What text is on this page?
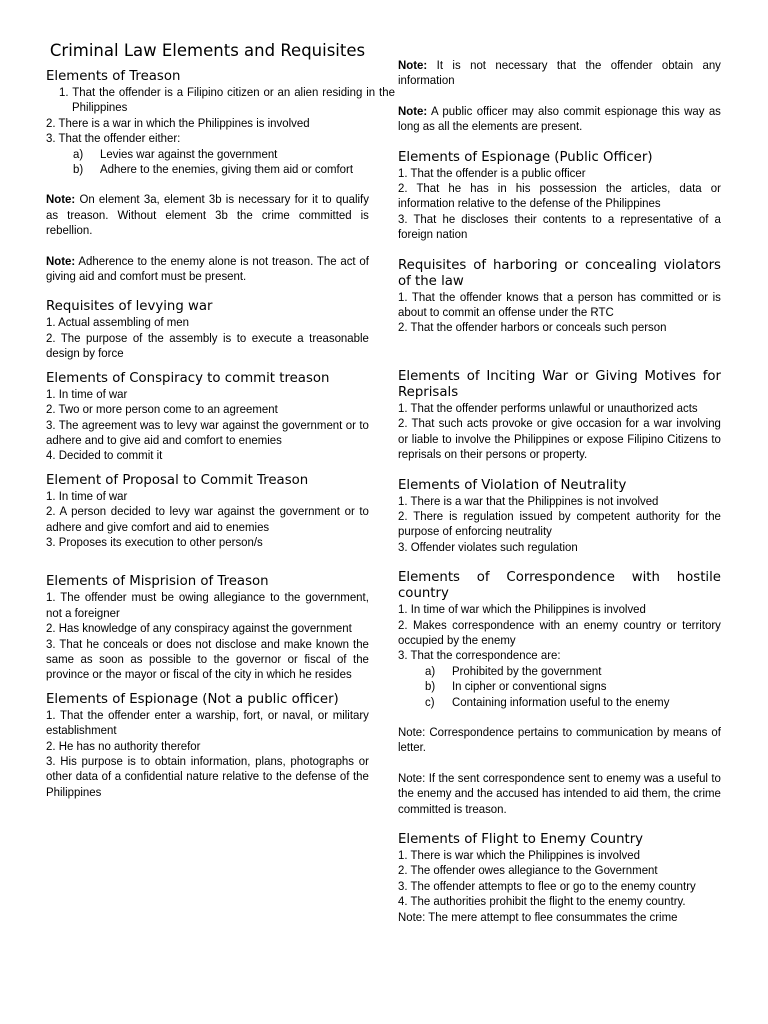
Criminal Law Elements and Requisites
Elements of Treason

1. That the offender is a Filipino citizen or an alien residing in the Philippines

2. There is a war in which the Philippines is involved

3. That the offender either:

a)	Levies war against the government

b)	Adhere to the enemies, giving them aid or comfort

Note: On element 3a, element 3b is necessary for it to qualify as treason. Without element 3b the crime committed is rebellion.

Note: Adherence to the enemy alone is not treason. The act of giving aid and comfort must be present.

Requisites of levying war

1. Actual assembling of men

2. The purpose of the assembly is to execute a treasonable design by force

Elements of Conspiracy to commit treason

1. In time of war

2. Two or more person come to an agreement

3. The agreement was to levy war against the government or to adhere and to give aid and comfort to enemies

4. Decided to commit it

Element of Proposal to Commit Treason

1. In time of war

2. A person decided to levy war against the government or to adhere and give comfort and aid to enemies

3. Proposes its execution to other person/s

Elements of Misprision of Treason

1. The offender must be owing allegiance to the government, not a foreigner

2. Has knowledge of any conspiracy against the government

3. That he conceals or does not disclose and make known the same as soon as possible to the governor or fiscal of the province or the mayor or fiscal of the city in which he resides

Elements of Espionage (Not a public officer)

1. That the offender enter a warship, fort, or naval, or military establishment

2. He has no authority therefor

3. His purpose is to obtain information, plans, photographs or other data of a confidential nature relative to the defense of the Philippines

Note: It is not necessary that the offender obtain any information

Note: A public officer may also commit espionage this way as long as all the elements are present.

Elements of Espionage (Public Officer)

1. That the offender is a public officer

2. That he has in his possession the articles, data or information relative to the defense of the Philippines

3. That he discloses their contents to a representative of a foreign nation

Requisites of harboring or concealing violators of the law

1. That the offender knows that a person has committed or is about to commit an offense under the RTC

2. That the offender harbors or conceals such person

Elements of Inciting War or Giving Motives for Reprisals

1. That the offender performs unlawful or unauthorized acts

2. That such acts provoke or give occasion for a war involving or liable to involve the Philippines or expose Filipino Citizens to reprisals on their persons or property.

Elements of Violation of Neutrality

1. There is a war that the Philippines is not involved

2. There is regulation issued by competent authority for the purpose of enforcing neutrality

3. Offender violates such regulation

Elements of Correspondence with hostile country

1. In time of war which the Philippines is involved

2. Makes correspondence with an enemy country or territory occupied by the enemy

3. That the correspondence are:

a)	Prohibited by the government

b)	In cipher or conventional signs

c)	Containing information useful to the enemy

Note: Correspondence pertains to communication by means of letter.

Note: If the sent correspondence sent to enemy was a useful to the enemy and the accused has intended to aid them, the crime committed is treason.

Elements of Flight to Enemy Country

1. There is war which the Philippines is involved

2. The offender owes allegiance to the Government

3. The offender attempts to flee or go to the enemy country

4. The authorities prohibit the flight to the enemy country.

Note: The mere attempt to flee consummates the crime
